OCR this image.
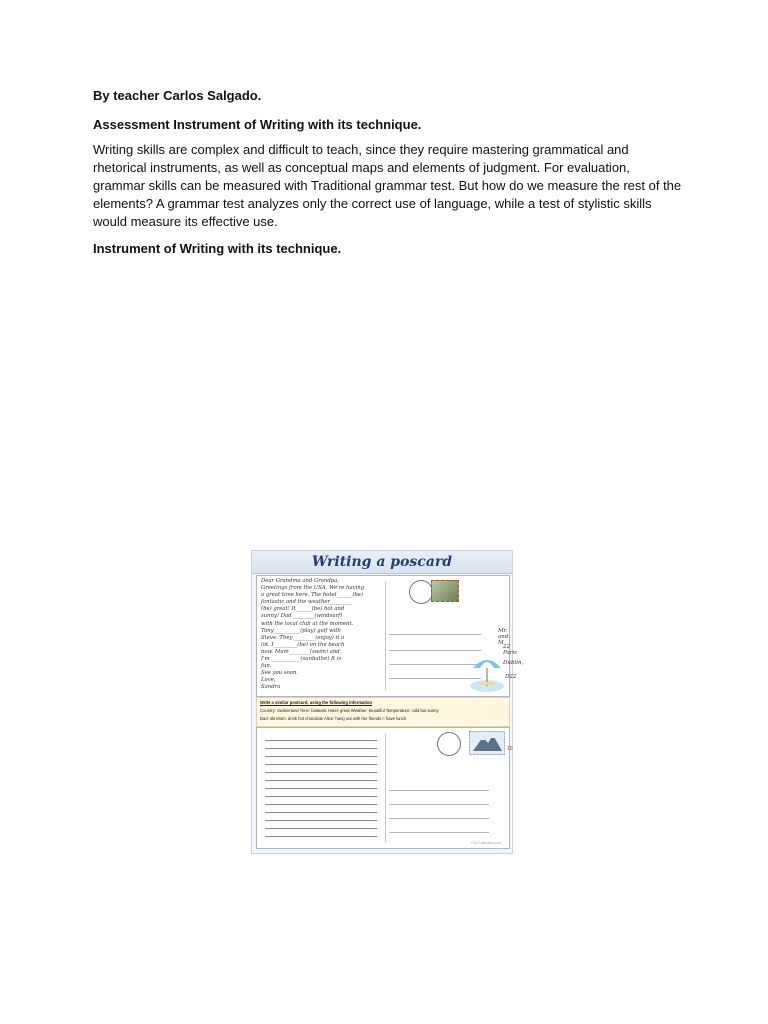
By teacher Carlos Salgado.
Assessment Instrument of Writing with its technique.
Writing skills are complex and difficult to teach, since they require mastering grammatical and rhetorical instruments, as well as conceptual maps and elements of judgment. For evaluation, grammar skills can be measured with Traditional grammar test. But how do we measure the rest of the elements? A grammar test analyzes only the correct use of language, while a test of stylistic skills would measure its effective use.
Instrument of Writing with its technique.
Writing a poscard
Dear Grandma and Grandpa,
Greetings from the USA. We're having
a great time here. The hotel______(be)
fantastic and the weather________
(be) great! It______(be) hot and
sunny! Dad ________(windsurf)
with the local club at the moment.
Tony__________(play) golf with
Steve. They ________(enjoy) it a
lot. I_________(be) on the beach
now. Mum________(swim) and
I'm ___________(sunbathe) It is
fun.
See you soon.
Love,
Sandra
Mr. and M
22 Paris
Dublin,
D22
Write a similar postcard, using the following information
Country: Switzerland Time: fantastic Hotel: great Weather: beautiful Temperature: cold but sunny
Dad: ski Mom: drink hot chocolate Alice: hang out with her friends I: have lunch
10
ESLCollection.com
